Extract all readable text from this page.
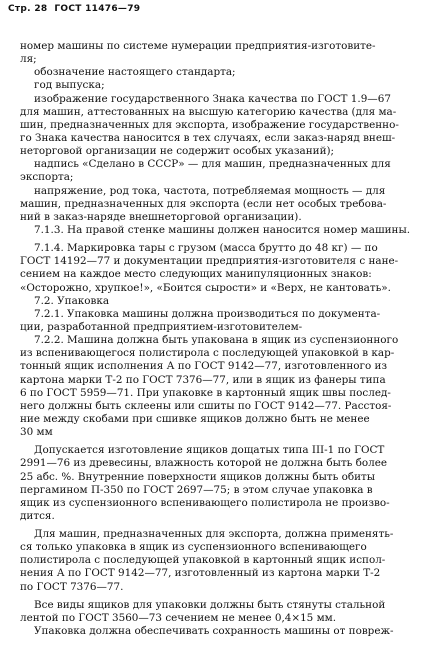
Стр. 28 ГОСТ 11476—79
номер машины по системе нумерации предприятия-изготовите-
ля;
обозначение настоящего стандарта;
год выпуска;
изображение государственного Знака качества по ГОСТ 1.9—67
для машин, аттестованных на высшую категорию качества (для ма-
шин, предназначенных для экспорта, изображение государственно-
го Знака качества наносится в тех случаях, если заказ-наряд внеш-
неторговой организации не содержит особых указаний);
надпись «Сделано в СССР» — для машин, предназначенных для
экспорта;
напряжение, род тока, частота, потребляемая мощность — для
машин, предназначенных для экспорта (если нет особых требова-
ний в заказ-наряде внешнеторговой организации).
7.1.3. На правой стенке машины должен наносится номер машины.
7.1.4. Маркировка тары с грузом (масса брутто до 48 кг) — по
ГОСТ 14192—77 и документации предприятия-изготовителя с нане-
сением на каждое место следующих манипуляционных знаков:
«Осторожно, хрупкое!», «Боится сырости» и «Верх, не кантовать».
7.2. Упаковка
7.2.1. Упаковка машины должна производиться по документа-
ции, разработанной предприятием-изготовителем-
7.2.2. Машина должна быть упакована в ящик из суспензионного
из вспенивающегося полистирола с последующей упаковкой в кар-
тонный ящик исполнения А по ГОСТ 9142—77, изготовленного из
картона марки Т-2 по ГОСТ 7376—77, или в ящик из фанеры типа
6 по ГОСТ 5959—71. При упаковке в картонный ящик швы послед-
него должны быть склеены или сшиты по ГОСТ 9142—77. Расстоя-
ние между скобами при сшивке ящиков должно быть не менее
30 мм
Допускается изготовление ящиков дощатых типа III-1 по ГОСТ
2991—76 из древесины, влажность которой не должна быть более
25 абс. %. Внутренние поверхности ящиков должны быть обиты
пергамином П-350 по ГОСТ 2697—75; в этом случае упаковка в
ящик из суспензионного вспенивающего полистирола не произво-
дится.
Для машин, предназначенных для экспорта, должна применять-
ся только упаковка в ящик из суспензионного вспенивающего
полистирола с последующей упаковкой в картонный ящик испол-
нения А по ГОСТ 9142—77, изготовленный из картона марки Т-2
по ГОСТ 7376—77.
Все виды ящиков для упаковки должны быть стянуты стальной
лентой по ГОСТ 3560—73 сечением не менее 0,4×15 мм.
Упаковка должна обеспечивать сохранность машины от повреж-
